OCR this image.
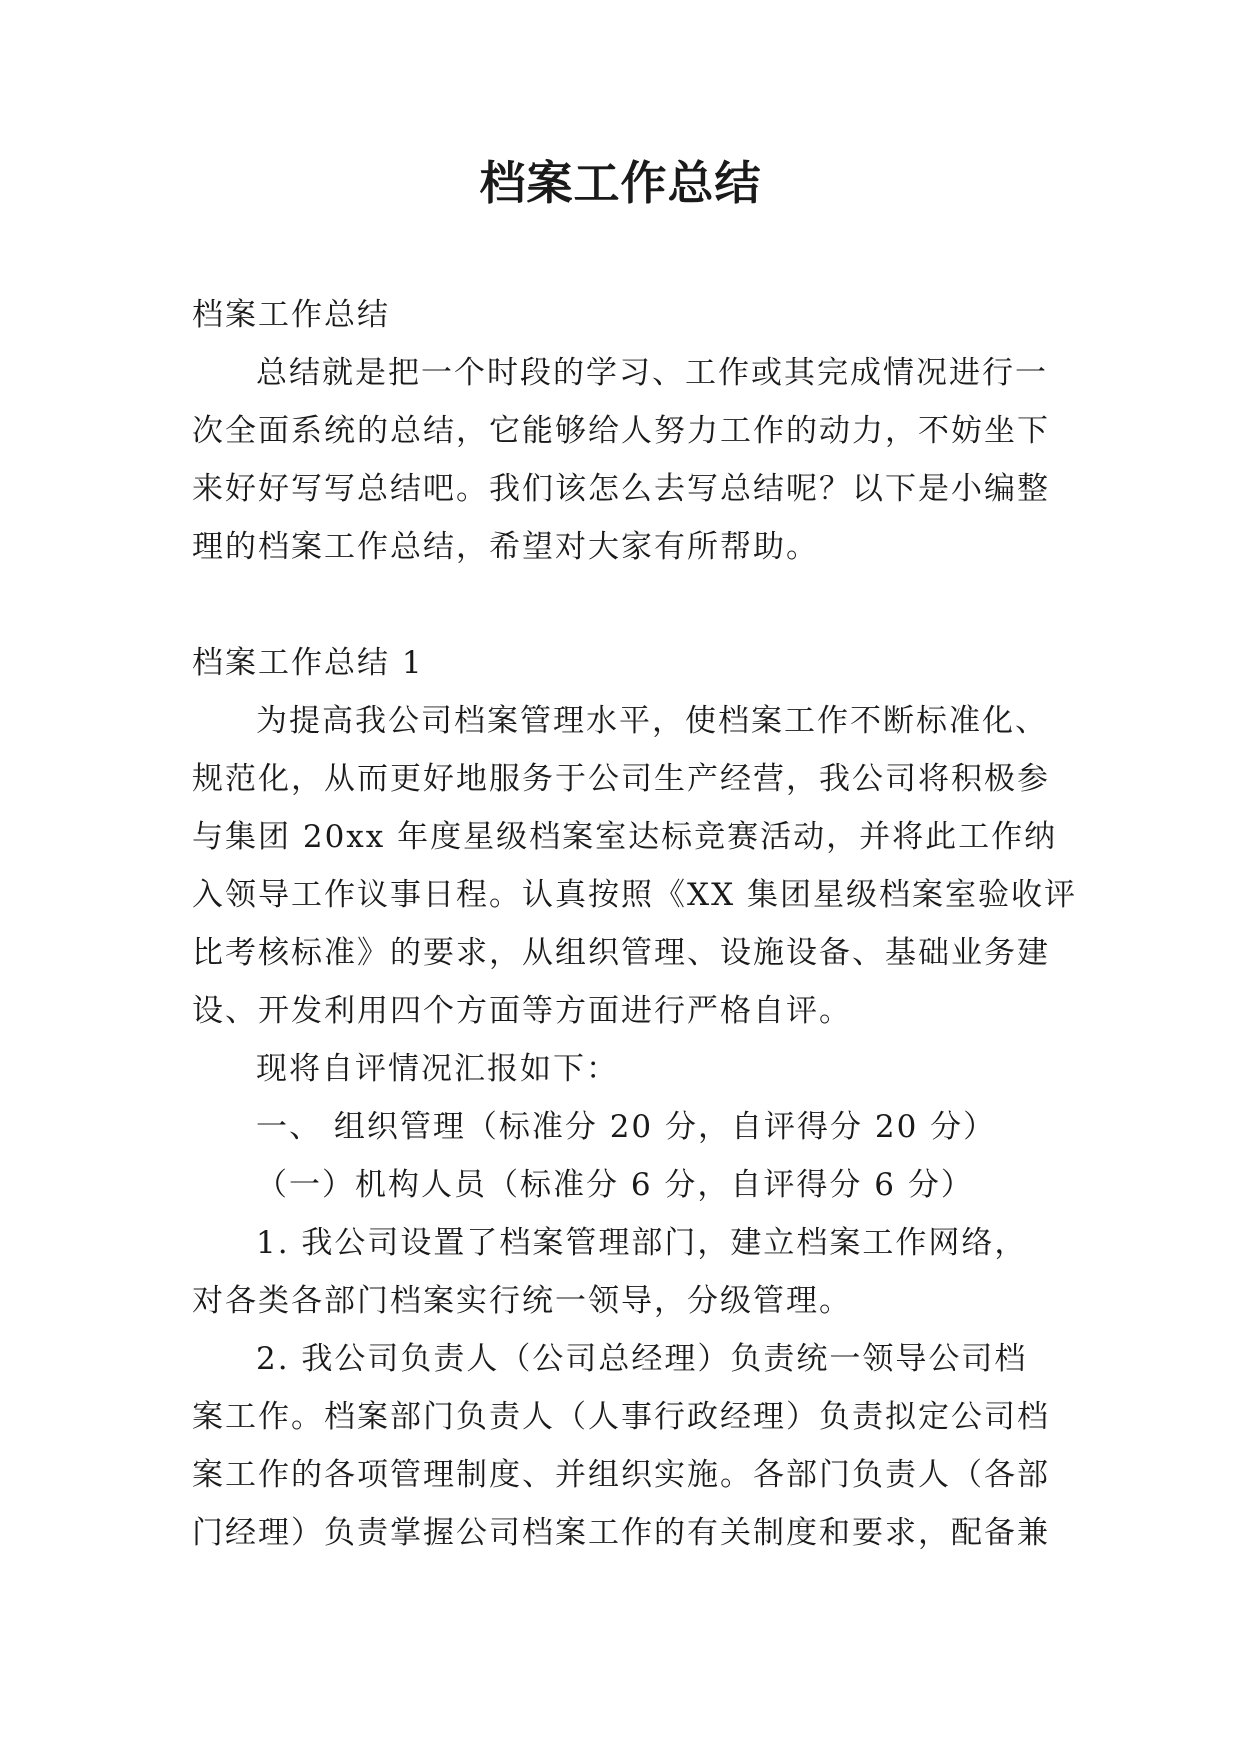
档案工作总结
档案工作总结
总结就是把一个时段的学习、工作或其完成情况进行一
次全面系统的总结，它能够给人努力工作的动力，不妨坐下
来好好写写总结吧。我们该怎么去写总结呢？以下是小编整
理的档案工作总结，希望对大家有所帮助。
档案工作总结 1
为提高我公司档案管理水平，使档案工作不断标准化、
规范化，从而更好地服务于公司生产经营，我公司将积极参
与集团 20xx 年度星级档案室达标竞赛活动，并将此工作纳
入领导工作议事日程。认真按照《XX 集团星级档案室验收评
比考核标准》的要求，从组织管理、设施设备、基础业务建
设、开发利用四个方面等方面进行严格自评。
现将自评情况汇报如下：
一、 组织管理（标准分 20 分，自评得分 20 分）
（一）机构人员（标准分 6 分，自评得分 6 分）
1. 我公司设置了档案管理部门，建立档案工作网络，
对各类各部门档案实行统一领导，分级管理。
2. 我公司负责人（公司总经理）负责统一领导公司档
案工作。档案部门负责人（人事行政经理）负责拟定公司档
案工作的各项管理制度、并组织实施。各部门负责人（各部
门经理）负责掌握公司档案工作的有关制度和要求，配备兼
